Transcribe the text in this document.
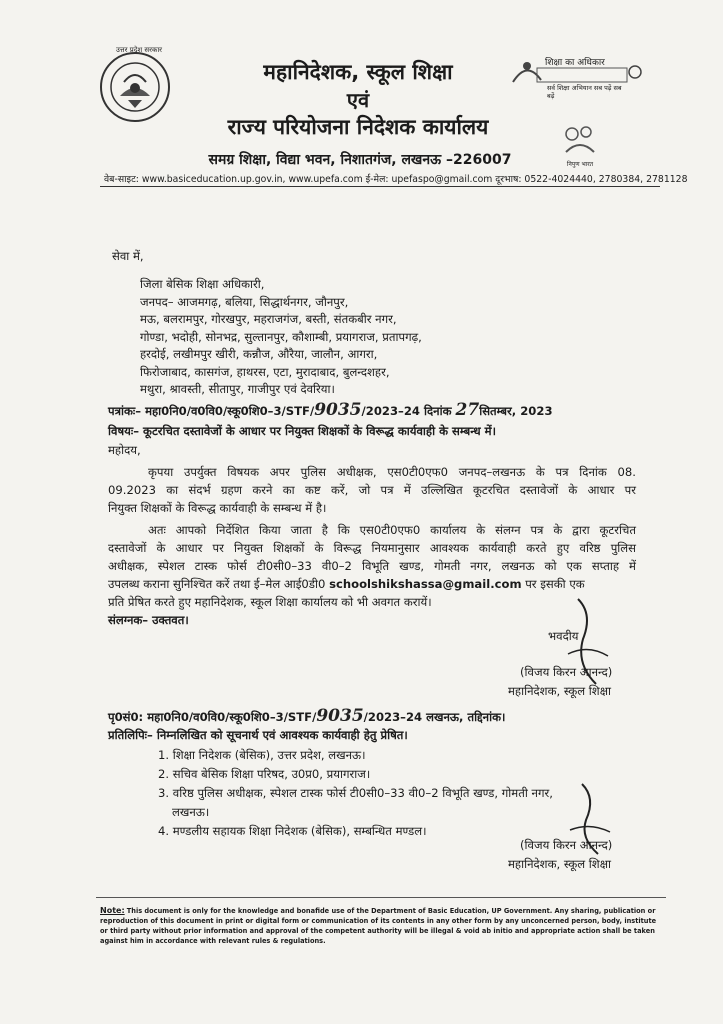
उत्तर प्रदेश सरकार
शिक्षा का अधिकार
सर्व शिक्षा अभियान सब पढ़ें सब बढ़ें
निपुण भारत
महानिदेशक, स्कूल शिक्षा
एवं
राज्य परियोजना निदेशक कार्यालय
समग्र शिक्षा, विद्या भवन, निशातगंज, लखनऊ –226007
वेब-साइट: www.basiceducation.up.gov.in, www.upefa.com ई-मेल: upefaspo@gmail.com दूरभाष: 0522-4024440, 2780384, 2781128
सेवा में,
जिला बेसिक शिक्षा अधिकारी,
जनपद– आजमगढ़, बलिया, सिद्धार्थनगर, जौनपुर,
मऊ, बलरामपुर, गोरखपुर, महराजगंज, बस्ती, संतकबीर नगर,
गोण्डा, भदोही, सोनभद्र, सुल्तानपुर, कौशाम्बी, प्रयागराज, प्रतापगढ़,
हरदोई, लखीमपुर खीरी, कन्नौज, औरैया, जालौन, आगरा,
फिरोजाबाद, कासगंज, हाथरस, एटा, मुरादाबाद, बुलन्दशहर,
मथुरा, श्रावस्ती, सीतापुर, गाजीपुर एवं देवरिया।
पत्रांकः– महा0नि0/व0वि0/स्कू0शि0–3/STF/9035/2023–24 दिनांक 27सितम्बर, 2023
विषयः– कूटरचित दस्तावेजों के आधार पर नियुक्त शिक्षकों के विरूद्ध कार्यवाही के सम्बन्ध में।
महोदय,
कृपया उपर्युक्त विषयक अपर पुलिस अधीक्षक, एस0टी0एफ0 जनपद–लखनऊ के पत्र दिनांक 08.
09.2023 का संदर्भ ग्रहण करने का कष्ट करें, जो पत्र में उल्लिखित कूटरचित दस्तावेजों के आधार पर
नियुक्त शिक्षकों के विरूद्ध कार्यवाही के सम्बन्ध में है।
अतः आपको निर्देशित किया जाता है कि एस0टी0एफ0 कार्यालय के संलग्न पत्र के द्वारा कूटरचित
दस्तावेजों के आधार पर नियुक्त शिक्षकों के विरूद्ध नियमानुसार आवश्यक कार्यवाही करते हुए वरिष्ठ पुलिस
अधीक्षक, स्पेशल टास्क फोर्स टी0सी0–33 वी0–2 विभूति खण्ड, गोमती नगर, लखनऊ को एक सप्ताह में
उपलब्ध कराना सुनिश्चित करें तथा ई–मेल आई0डी0 schoolshikshassa@gmail.com पर इसकी एक
प्रति प्रेषित करते हुए महानिदेशक, स्कूल शिक्षा कार्यालय को भी अवगत करायें।
संलग्नक– उक्तवत।
भवदीय
(विजय किरन आनन्द)
महानिदेशक, स्कूल शिक्षा
पृ0सं0: महा0नि0/व0वि0/स्कू0शि0–3/STF/9035/2023–24 लखनऊ, तद्दिनांक।
प्रतिलिपिः– निम्नलिखित को सूचनार्थ एवं आवश्यक कार्यवाही हेतु प्रेषित।
1. शिक्षा निदेशक (बेसिक), उत्तर प्रदेश, लखनऊ।
2. सचिव बेसिक शिक्षा परिषद, उ0प्र0, प्रयागराज।
3. वरिष्ठ पुलिस अधीक्षक, स्पेशल टास्क फोर्स टी0सी0–33 वी0–2 विभूति खण्ड, गोमती नगर,
लखनऊ।
4. मण्डलीय सहायक शिक्षा निदेशक (बेसिक), सम्बन्धित मण्डल।
(विजय किरन आनन्द)
महानिदेशक, स्कूल शिक्षा
Note: This document is only for the knowledge and bonafide use of the Department of Basic Education, UP Government. Any sharing, publication or reproduction of this document in print or digital form or communication of its contents in any other form by any unconcerned person, body, institute or third party without prior information and approval of the competent authority will be illegal & void ab initio and appropriate action shall be taken against him in accordance with relevant rules & regulations.
